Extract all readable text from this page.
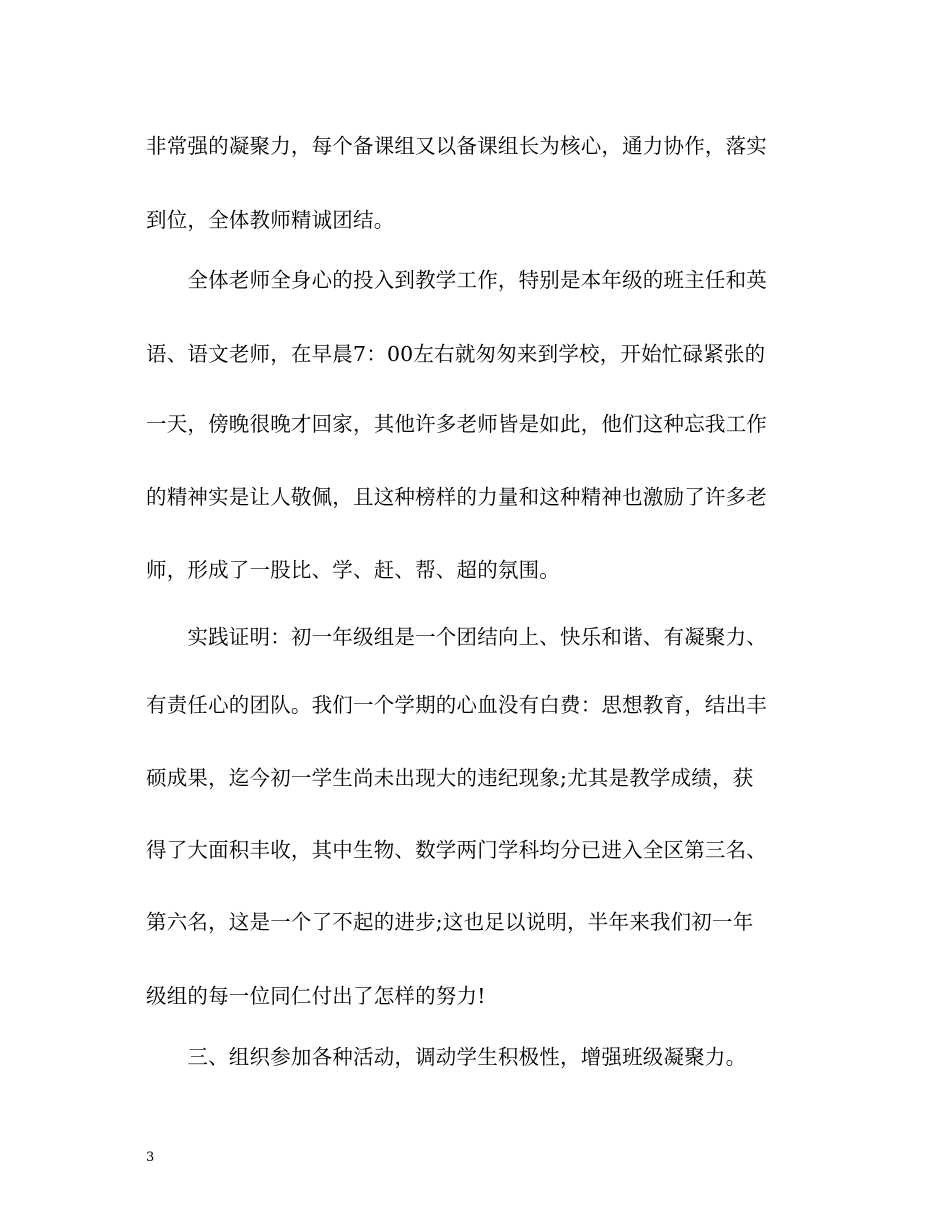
非常强的凝聚力，每个备课组又以备课组长为核心，通力协作，落实
到位，全体教师精诚团结。
　　全体老师全身心的投入到教学工作，特别是本年级的班主任和英
语、语文老师，在早晨7：00左右就匆匆来到学校，开始忙碌紧张的
一天，傍晚很晚才回家，其他许多老师皆是如此，他们这种忘我工作
的精神实是让人敬佩，且这种榜样的力量和这种精神也激励了许多老
师，形成了一股比、学、赶、帮、超的氛围。
　　实践证明：初一年级组是一个团结向上、快乐和谐、有凝聚力、
有责任心的团队。我们一个学期的心血没有白费：思想教育，结出丰
硕成果，迄今初一学生尚未出现大的违纪现象;尤其是教学成绩，获
得了大面积丰收，其中生物、数学两门学科均分已进入全区第三名、
第六名，这是一个了不起的进步;这也足以说明，半年来我们初一年
级组的每一位同仁付出了怎样的努力!
　　三、组织参加各种活动，调动学生积极性，增强班级凝聚力。
3
